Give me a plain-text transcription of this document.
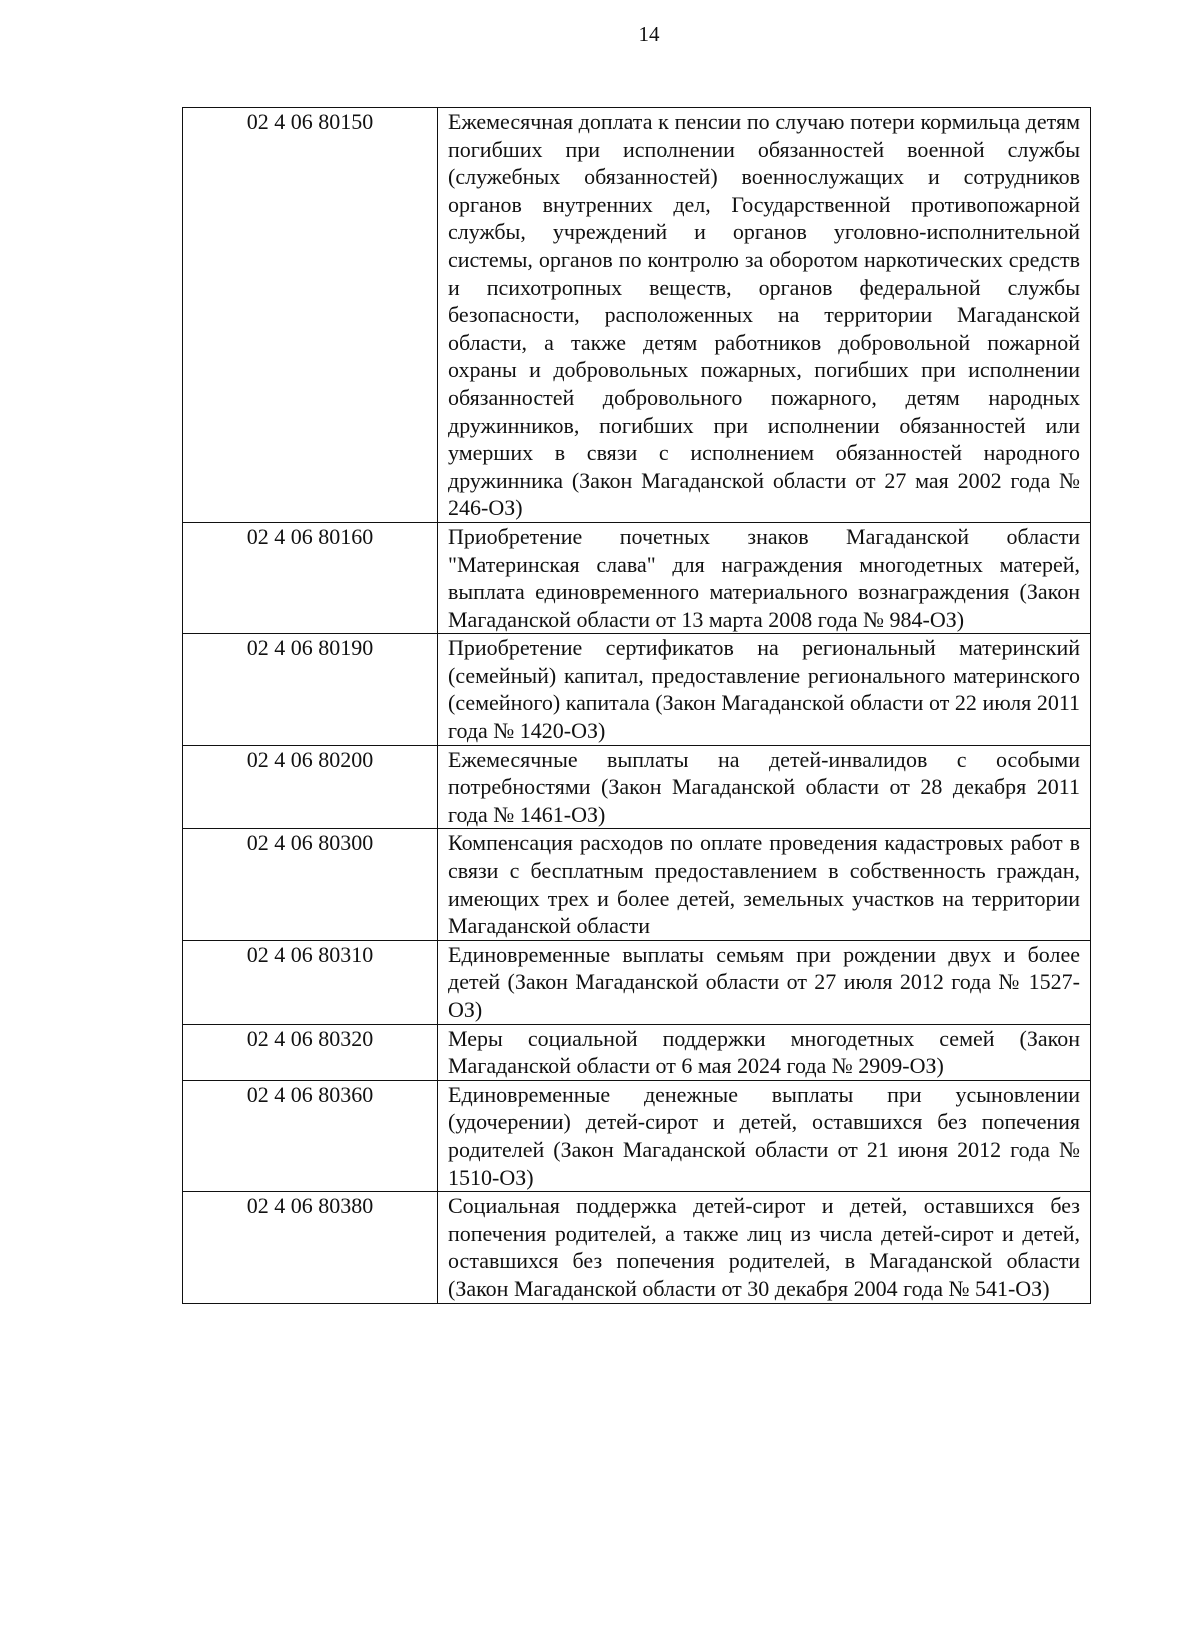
14
02 4 06 80150	Ежемесячная доплата к пенсии по случаю потери кормильца детям погибших при исполнении обязанностей военной службы (служебных обязанностей) военнослужащих и сотрудников органов внутренних дел, Государственной противопожарной службы, учреждений и органов уголовно-исполнительной системы, органов по контролю за оборотом наркотических средств и психотропных веществ, органов федеральной службы безопасности, расположенных на территории Магаданской области, а также детям работников добровольной пожарной охраны и добровольных пожарных, погибших при исполнении обязанностей добровольного пожарного, детям народных дружинников, погибших при исполнении обязанностей или умерших в связи с исполнением обязанностей народного дружинника (Закон Магаданской области от 27 мая 2002 года № 246-ОЗ)
02 4 06 80160	Приобретение почетных знаков Магаданской области "Материнская слава" для награждения многодетных матерей, выплата единовременного материального вознаграждения (Закон Магаданской области от 13 марта 2008 года № 984-ОЗ)
02 4 06 80190	Приобретение сертификатов на региональный материнский (семейный) капитал, предоставление регионального материнского (семейного) капитала (Закон Магаданской области от 22 июля 2011 года № 1420-ОЗ)
02 4 06 80200	Ежемесячные выплаты на детей-инвалидов с особыми потребностями (Закон Магаданской области от 28 декабря 2011 года № 1461-ОЗ)
02 4 06 80300	Компенсация расходов по оплате проведения кадастровых работ в связи с бесплатным предоставлением в собственность граждан, имеющих трех и более детей, земельных участков на территории Магаданской области
02 4 06 80310	Единовременные выплаты семьям при рождении двух и более детей (Закон Магаданской области от 27 июля 2012 года № 1527-ОЗ)
02 4 06 80320	Меры социальной поддержки многодетных семей (Закон Магаданской области от 6 мая 2024 года № 2909-ОЗ)
02 4 06 80360	Единовременные денежные выплаты при усыновлении (удочерении) детей-сирот и детей, оставшихся без попечения родителей (Закон Магаданской области от 21 июня 2012 года № 1510-ОЗ)
02 4 06 80380	Социальная поддержка детей-сирот и детей, оставшихся без попечения родителей, а также лиц из числа детей-сирот и детей, оставшихся без попечения родителей, в Магаданской области (Закон Магаданской области от 30 декабря 2004 года № 541-ОЗ)
